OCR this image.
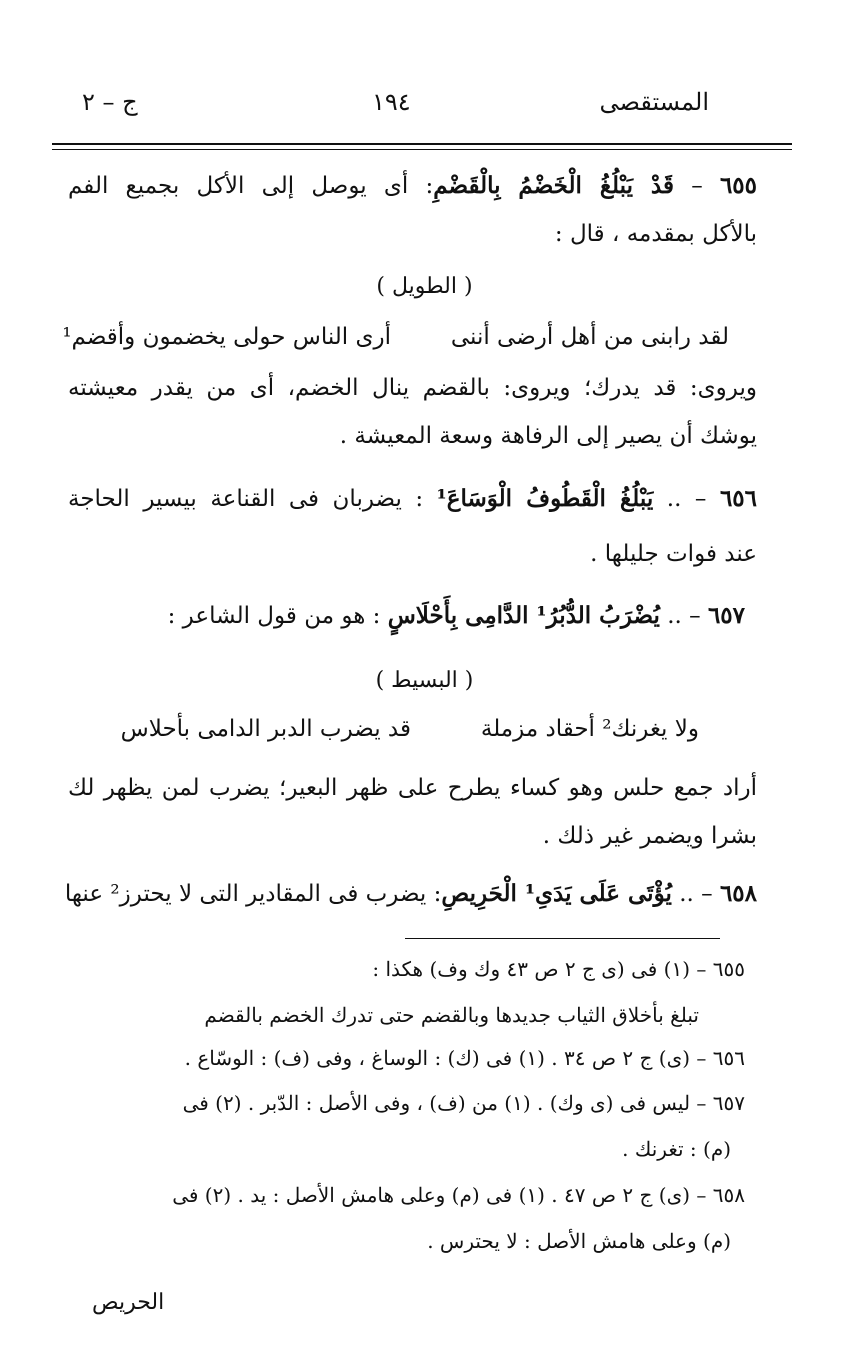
المستقصى
١٩٤
ج – ٢
٦٥٥ – قَدْ يَبْلُغُ الْخَضْمُ بِالْقَضْمِ: أى يوصل إلى الأكل بجميع الفم
بالأكل بمقدمه ، قال :
( الطويل )
لقد رابنى من أهل أرضى أننى
أرى الناس حولى يخضمون وأقضم¹
ويروى: قد يدرك؛ ويروى: بالقضم ينال الخضم، أى من يقدر معيشته
يوشك أن يصير إلى الرفاهة وسعة المعيشة .
٦٥٦ – .. يَبْلُغُ الْقَطُوفُ الْوَسَاعَ¹ : يضربان فى القناعة بيسير الحاجة
عند فوات جليلها .
٦٥٧ – .. يُضْرَبُ الدُّبُرُ¹ الدَّامِى بِأَحْلَاسٍ : هو من قول الشاعر :
( البسيط )
ولا يغرنك² أحقاد مزملة
قد يضرب الدبر الدامى بأحلاس
أراد جمع حلس وهو كساء يطرح على ظهر البعير؛ يضرب لمن يظهر لك
بشرا ويضمر غير ذلك .
٦٥٨ – .. يُؤْتَى عَلَى يَدَىِ¹ الْحَرِيصِ: يضرب فى المقادير التى لا يحترز² عنها
٦٥٥ – (١) فى (ى ج ٢ ص ٤٣ وك وف) هكذا :
تبلغ بأخلاق الثياب جديدها وبالقضم حتى تدرك الخضم بالقضم
٦٥٦ – (ى) ج ٢ ص ٣٤ . (١) فى (ك) : الوساغ ، وفى (ف) : الوسّاع .
٦٥٧ – ليس فى (ى وك) . (١) من (ف) ، وفى الأصل : الدّبر . (٢) فى
(م) : تغرنك .
٦٥٨ – (ى) ج ٢ ص ٤٧ . (١) فى (م) وعلى هامش الأصل : يد . (٢) فى
(م) وعلى هامش الأصل : لا يحترس .
الحريص
